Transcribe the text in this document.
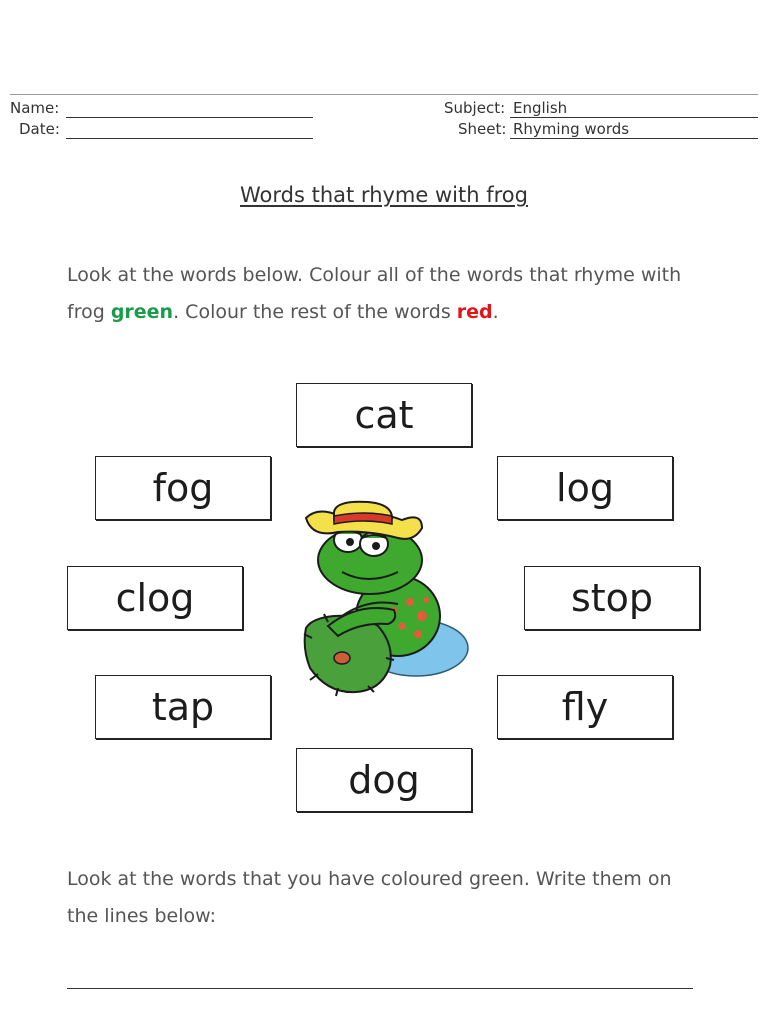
Name:
Date:
Subject: English
Sheet: Rhyming words
Words that rhyme with frog
Look at the words below. Colour all of the words that rhyme with frog green. Colour the rest of the words red.
cat
fog	log
clog	stop
tap	fly
dog
Look at the words that you have coloured green. Write them on the lines below:
